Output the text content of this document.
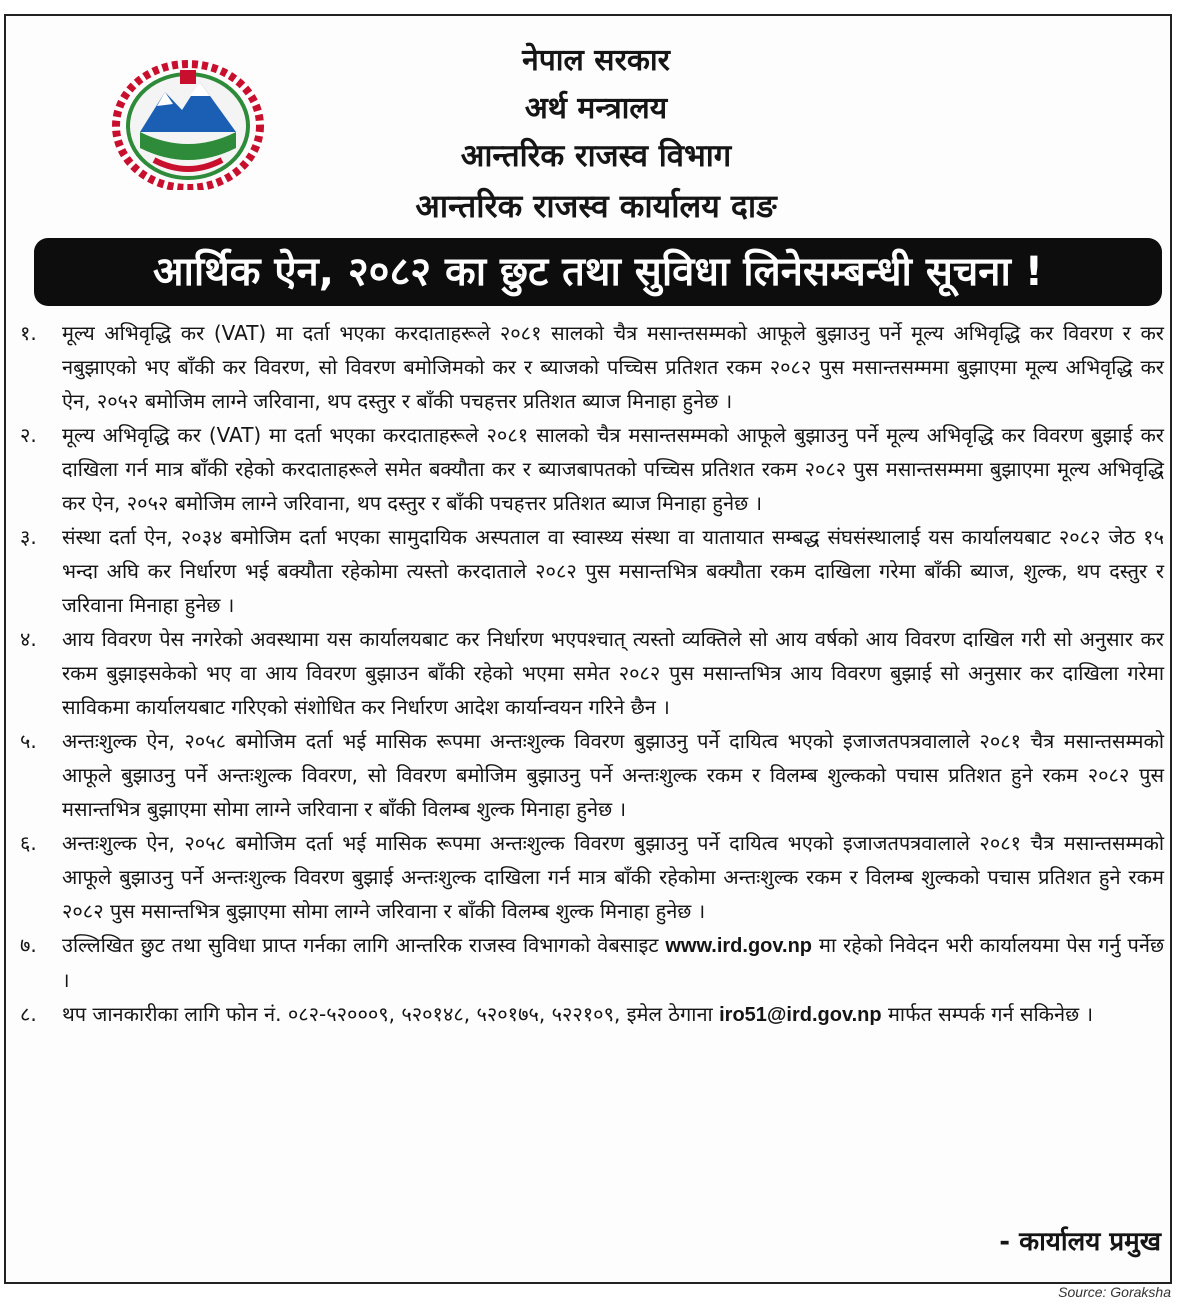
नेपाल सरकार
अर्थ मन्त्रालय
आन्तरिक राजस्व विभाग
आन्तरिक राजस्व कार्यालय दाङ
आर्थिक ऐन, २०८२ का छुट तथा सुविधा लिनेसम्बन्धी सूचना !
१.	मूल्य अभिवृद्धि कर (VAT) मा दर्ता भएका करदाताहरूले २०८१ सालको चैत्र मसान्तसम्मको आफूले बुझाउनु पर्ने मूल्य अभिवृद्धि कर विवरण र कर नबुझाएको भए बाँकी कर विवरण, सो विवरण बमोजिमको कर र ब्याजको पच्चिस प्रतिशत रकम २०८२ पुस मसान्तसम्ममा बुझाएमा मूल्य अभिवृद्धि कर ऐन, २०५२ बमोजिम लाग्ने जरिवाना, थप दस्तुर र बाँकी पचहत्तर प्रतिशत ब्याज मिनाहा हुनेछ ।
२.	मूल्य अभिवृद्धि कर (VAT) मा दर्ता भएका करदाताहरूले २०८१ सालको चैत्र मसान्तसम्मको आफूले बुझाउनु पर्ने मूल्य अभिवृद्धि कर विवरण बुझाई कर दाखिला गर्न मात्र बाँकी रहेको करदाताहरूले समेत बक्यौता कर र ब्याजबापतको पच्चिस प्रतिशत रकम २०८२ पुस मसान्तसम्ममा बुझाएमा मूल्य अभिवृद्धि कर ऐन, २०५२ बमोजिम लाग्ने जरिवाना, थप दस्तुर र बाँकी पचहत्तर प्रतिशत ब्याज मिनाहा हुनेछ ।
३.	संस्था दर्ता ऐन, २०३४ बमोजिम दर्ता भएका सामुदायिक अस्पताल वा स्वास्थ्य संस्था वा यातायात सम्बद्ध संघसंस्थालाई यस कार्यालयबाट २०८२ जेठ १५ भन्दा अघि कर निर्धारण भई बक्यौता रहेकोमा त्यस्तो करदाताले २०८२ पुस मसान्तभित्र बक्यौता रकम दाखिला गरेमा बाँकी ब्याज, शुल्क, थप दस्तुर र जरिवाना मिनाहा हुनेछ ।
४.	आय विवरण पेस नगरेको अवस्थामा यस कार्यालयबाट कर निर्धारण भएपश्चात् त्यस्तो व्यक्तिले सो आय वर्षको आय विवरण दाखिल गरी सो अनुसार कर रकम बुझाइसकेको भए वा आय विवरण बुझाउन बाँकी रहेको भएमा समेत २०८२ पुस मसान्तभित्र आय विवरण बुझाई सो अनुसार कर दाखिला गरेमा साविकमा कार्यालयबाट गरिएको संशोधित कर निर्धारण आदेश कार्यान्वयन गरिने छैन ।
५.	अन्तःशुल्क ऐन, २०५८ बमोजिम दर्ता भई मासिक रूपमा अन्तःशुल्क विवरण बुझाउनु पर्ने दायित्व भएको इजाजतपत्रवालाले २०८१ चैत्र मसान्तसम्मको आफूले बुझाउनु पर्ने अन्तःशुल्क विवरण, सो विवरण बमोजिम बुझाउनु पर्ने अन्तःशुल्क रकम र विलम्ब शुल्कको पचास प्रतिशत हुने रकम २०८२ पुस मसान्तभित्र बुझाएमा सोमा लाग्ने जरिवाना र बाँकी विलम्ब शुल्क मिनाहा हुनेछ ।
६.	अन्तःशुल्क ऐन, २०५८ बमोजिम दर्ता भई मासिक रूपमा अन्तःशुल्क विवरण बुझाउनु पर्ने दायित्व भएको इजाजतपत्रवालाले २०८१ चैत्र मसान्तसम्मको आफूले बुझाउनु पर्ने अन्तःशुल्क विवरण बुझाई अन्तःशुल्क दाखिला गर्न मात्र बाँकी रहेकोमा अन्तःशुल्क रकम र विलम्ब शुल्कको पचास प्रतिशत हुने रकम २०८२ पुस मसान्तभित्र बुझाएमा सोमा लाग्ने जरिवाना र बाँकी विलम्ब शुल्क मिनाहा हुनेछ ।
७.	उल्लिखित छुट तथा सुविधा प्राप्त गर्नका लागि आन्तरिक राजस्व विभागको वेबसाइट www.ird.gov.np मा रहेको निवेदन भरी कार्यालयमा पेस गर्नु पर्नेछ ।
८.	थप जानकारीका लागि फोन नं. ०८२-५२०००९, ५२०१४८, ५२०१७५, ५२२१०९, इमेल ठेगाना iro51@ird.gov.np मार्फत सम्पर्क गर्न सकिनेछ ।
- कार्यालय प्रमुख
Source: Goraksha
